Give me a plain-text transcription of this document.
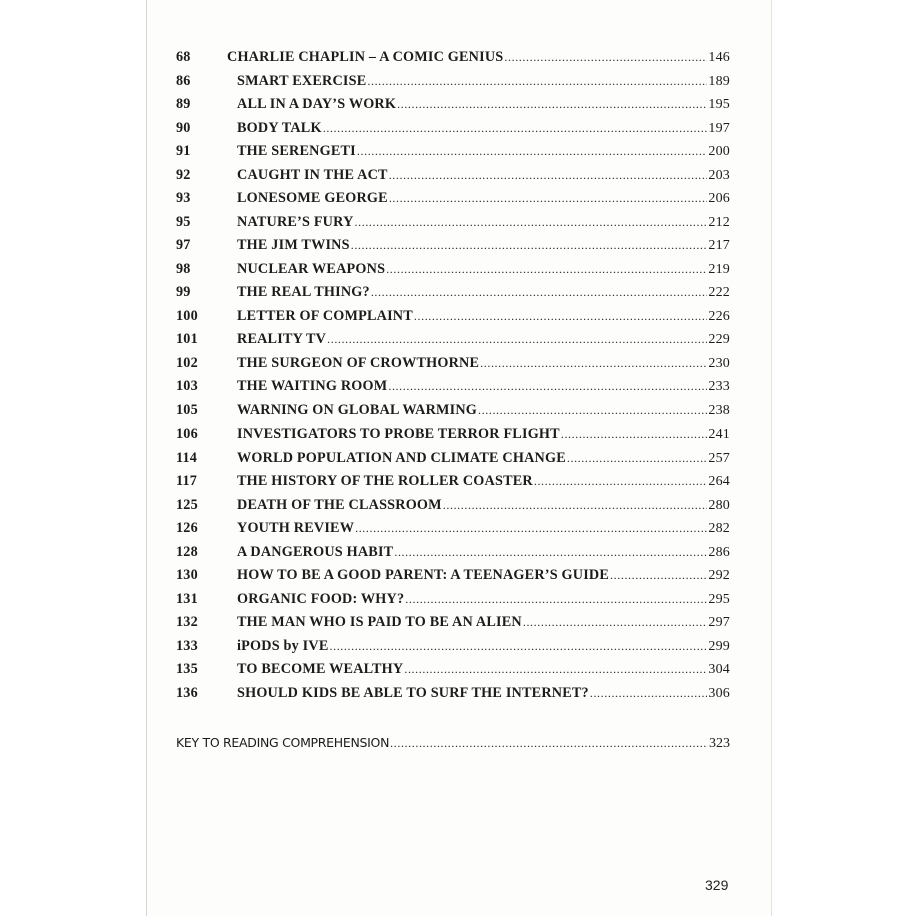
68	CHARLIE CHAPLIN – A COMIC GENIUS .....	146
86	SMART EXERCISE .....	189
89	ALL IN A DAY’S WORK .....	195
90	BODY TALK .....	197
91	THE SERENGETI .....	200
92	CAUGHT IN THE ACT .....	203
93	LONESOME GEORGE .....	206
95	NATURE’S FURY .....	212
97	THE JIM TWINS .....	217
98	NUCLEAR WEAPONS .....	219
99	THE REAL THING? .....	222
100	LETTER OF COMPLAINT .....	226
101	REALITY TV .....	229
102	THE SURGEON OF CROWTHORNE .....	230
103	THE WAITING ROOM .....	233
105	WARNING ON GLOBAL WARMING .....	238
106	INVESTIGATORS TO PROBE TERROR FLIGHT .....	241
114	WORLD POPULATION AND CLIMATE CHANGE .....	257
117	THE HISTORY OF THE ROLLER COASTER .....	264
125	DEATH OF THE CLASSROOM .....	280
126	YOUTH REVIEW .....	282
128	A DANGEROUS HABIT .....	286
130	HOW TO BE A GOOD PARENT: A TEENAGER’S GUIDE .....	292
131	ORGANIC FOOD: WHY? .....	295
132	THE MAN WHO IS PAID TO BE AN ALIEN .....	297
133	iPODS by IVE .....	299
135	TO BECOME WEALTHY .....	304
136	SHOULD KIDS BE ABLE TO SURF THE INTERNET? .....	306
KEY TO READING COMPREHENSION .....	323
329
